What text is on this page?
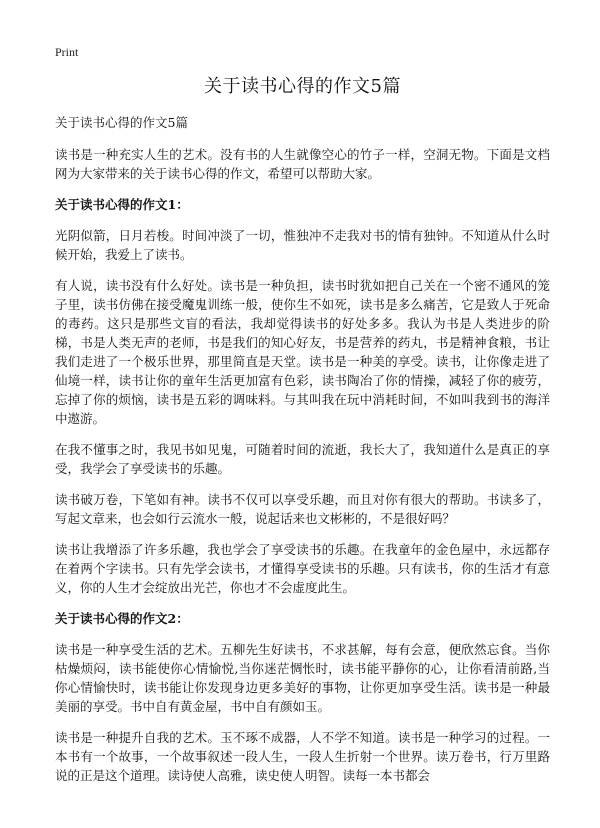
Print
关于读书心得的作文5篇
关于读书心得的作文5篇

读书是一种充实人生的艺术。没有书的人生就像空心的竹子一样，空洞无物。下面是文档网为大家带来的关于读书心得的作文，希望可以帮助大家。

关于读书心得的作文1：

光阴似箭，日月若梭。时间冲淡了一切，惟独冲不走我对书的情有独钟。不知道从什么时候开始，我爱上了读书。

有人说，读书没有什么好处。读书是一种负担，读书时犹如把自己关在一个密不通风的笼子里，读书仿佛在接受魔鬼训练一般，使你生不如死，读书是多么痛苦，它是致人于死命的毒药。这只是那些文盲的看法，我却觉得读书的好处多多。我认为书是人类进步的阶梯，书是人类无声的老师，书是我们的知心好友，书是营养的药丸，书是精神食粮，书让我们走进了一个极乐世界，那里简直是天堂。读书是一种美的享受。读书，让你像走进了仙境一样，读书让你的童年生活更加富有色彩，读书陶冶了你的情操，减轻了你的疲劳，忘掉了你的烦恼，读书是五彩的调味料。与其叫我在玩中消耗时间，不如叫我到书的海洋中遨游。

在我不懂事之时，我见书如见鬼，可随着时间的流逝，我长大了，我知道什么是真正的享受，我学会了享受读书的乐趣。

读书破万卷，下笔如有神。读书不仅可以享受乐趣，而且对你有很大的帮助。书读多了，写起文章来，也会如行云流水一般，说起话来也文彬彬的，不是很好吗？

读书让我增添了许多乐趣，我也学会了享受读书的乐趣。在我童年的金色屋中，永远都存在着两个字读书。只有先学会读书，才懂得享受读书的乐趣。只有读书，你的生活才有意义，你的人生才会绽放出光芒，你也才不会虚度此生。

关于读书心得的作文2：

读书是一种享受生活的艺术。五柳先生好读书，不求甚解，每有会意，便欣然忘食。当你枯燥烦闷，读书能使你心情愉悦,当你迷茫惆怅时，读书能平静你的心，让你看清前路,当你心情愉快时，读书能让你发现身边更多美好的事物，让你更加享受生活。读书是一种最美丽的享受。书中自有黄金屋，书中自有颜如玉。

读书是一种提升自我的艺术。玉不琢不成器，人不学不知道。读书是一种学习的过程。一本书有一个故事，一个故事叙述一段人生，一段人生折射一个世界。读万卷书，行万里路说的正是这个道理。读诗使人高雅，读史使人明智。读每一本书都会
